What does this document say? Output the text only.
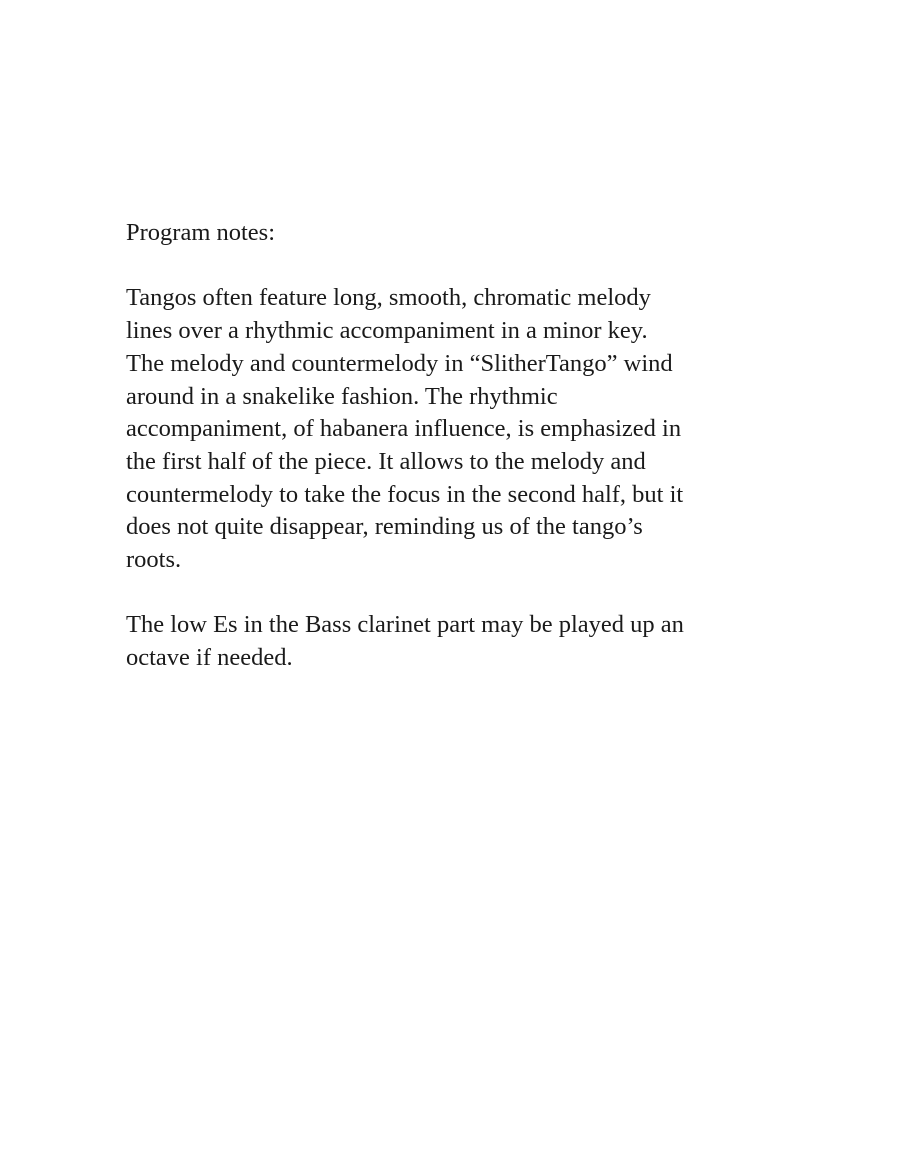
Program notes:

Tangos often feature long, smooth, chromatic melody
lines over a rhythmic accompaniment in a minor key.
The melody and countermelody in “SlitherTango” wind
around in a snakelike fashion. The rhythmic
accompaniment, of habanera influence, is emphasized in
the first half of the piece. It allows to the melody and
countermelody to take the focus in the second half, but it
does not quite disappear, reminding us of the tango’s
roots.

The low Es in the Bass clarinet part may be played up an
octave if needed.
